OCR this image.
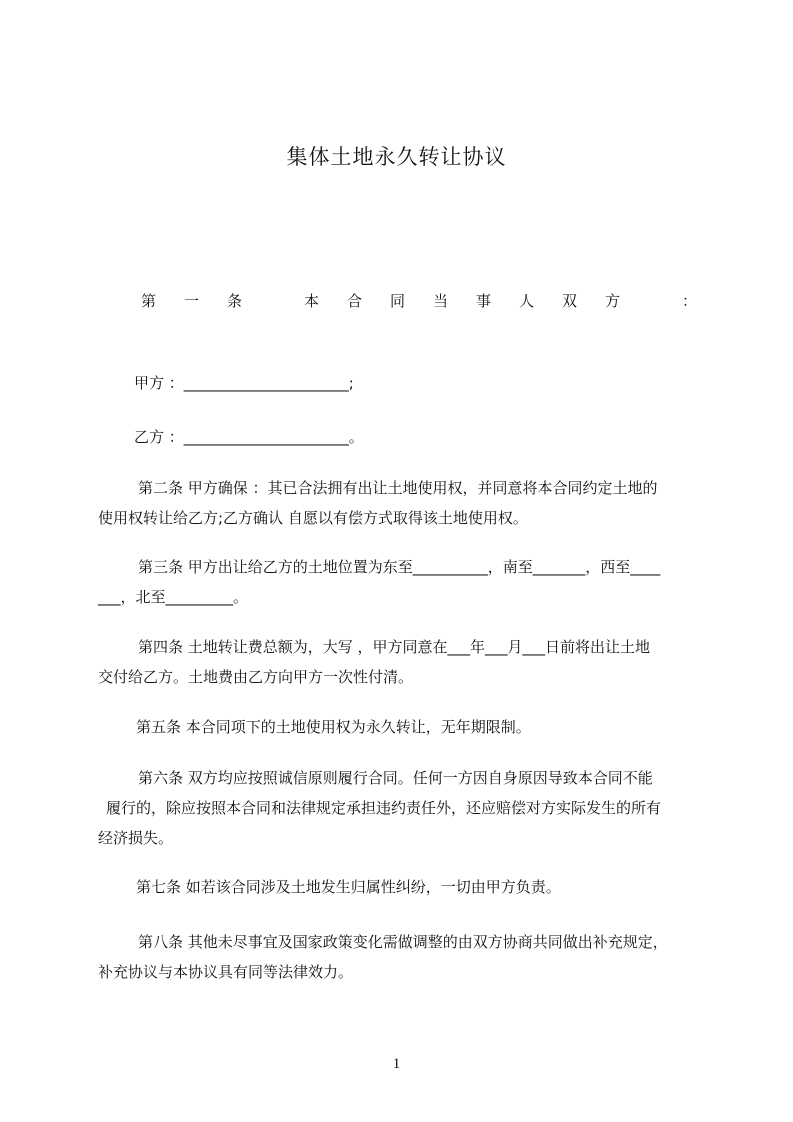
集体土地永久转让协议
第 一 条	本 合 同 当 事 人 双 方	：
甲方 ：______________________;
乙方 ：______________________。
第二条 甲方确保 ：其已合法拥有出让土地使用权，并同意将本合同约定土地的
使用权转让给乙方;乙方确认 自愿以有偿方式取得该土地使用权。
第三条 甲方出让给乙方的土地位置为东至__________，南至_______，西至____
___，北至_________。
第四条 土地转让费总额为，大写 ，甲方同意在___年___月___日前将出让土地
交付给乙方。土地费由乙方向甲方一次性付清。
第五条 本合同项下的土地使用权为永久转让，无年期限制。
第六条 双方均应按照诚信原则履行合同。任何一方因自身原因导致本合同不能
履行的，除应按照本合同和法律规定承担违约责任外，还应赔偿对方实际发生的所有
经济损失。
第七条 如若该合同涉及土地发生归属性纠纷，一切由甲方负责。
第八条 其他未尽事宜及国家政策变化需做调整的由双方协商共同做出补充规定，
补充协议与本协议具有同等法律效力。
1
